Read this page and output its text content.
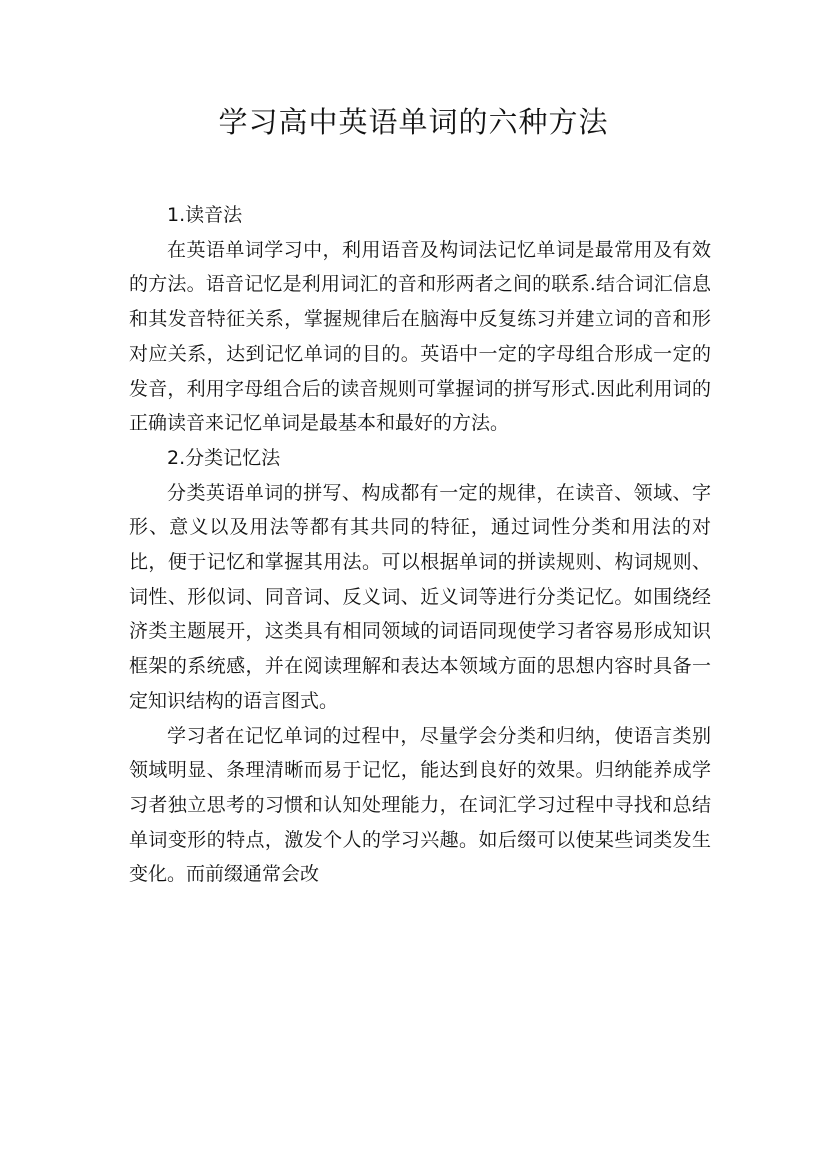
学习高中英语单词的六种方法

1.读音法

在英语单词学习中，利用语音及构词法记忆单词是最常用及有效的方法。语音记忆是利用词汇的音和形两者之间的联系.结合词汇信息和其发音特征关系，掌握规律后在脑海中反复练习并建立词的音和形对应关系，达到记忆单词的目的。英语中一定的字母组合形成一定的发音，利用字母组合后的读音规则可掌握词的拼写形式.因此利用词的正确读音来记忆单词是最基本和最好的方法。

2.分类记忆法

分类英语单词的拼写、构成都有一定的规律，在读音、领域、字形、意义以及用法等都有其共同的特征，通过词性分类和用法的对比，便于记忆和掌握其用法。可以根据单词的拼读规则、构词规则、词性、形似词、同音词、反义词、近义词等进行分类记忆。如围绕经济类主题展开，这类具有相同领域的词语同现使学习者容易形成知识框架的系统感，并在阅读理解和表达本领域方面的思想内容时具备一定知识结构的语言图式。

学习者在记忆单词的过程中，尽量学会分类和归纳，使语言类别领域明显、条理清晰而易于记忆，能达到良好的效果。归纳能养成学习者独立思考的习惯和认知处理能力，在词汇学习过程中寻找和总结单词变形的特点，激发个人的学习兴趣。如后缀可以使某些词类发生变化。而前缀通常会改
